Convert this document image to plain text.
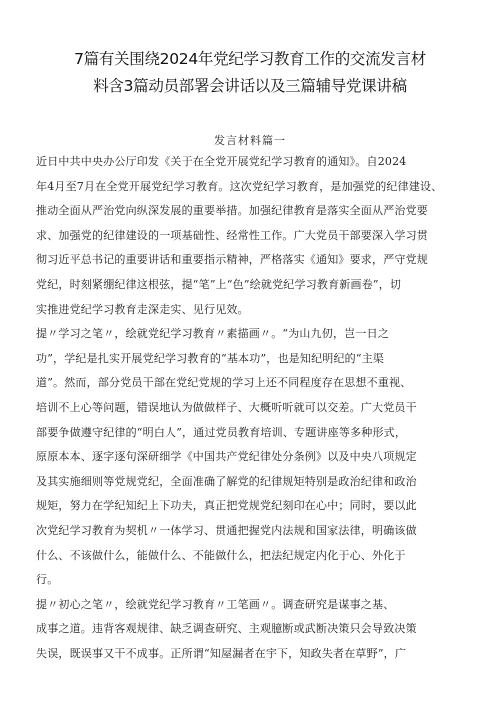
7篇有关围绕2024年党纪学习教育工作的交流发言材
料含3篇动员部署会讲话以及三篇辅导党课讲稿
发言材料篇一
近日中共中央办公厅印发《关于在全党开展党纪学习教育的通知》。自2024
年4月至7月在全党开展党纪学习教育。这次党纪学习教育，是加强党的纪律建设、
推动全面从严治党向纵深发展的重要举措。加强纪律教育是落实全面从严治党要
求、加强党的纪律建设的一项基础性、经常性工作。广大党员干部要深入学习贯
彻习近平总书记的重要讲话和重要指示精神，严格落实《通知》要求，严守党规
党纪，时刻紧绷纪律这根弦，提“笔”上“色”绘就党纪学习教育新画卷”，切
实推进党纪学习教育走深走实、见行见效。
提〃学习之笔〃，绘就党纪学习教育〃素描画〃。“为山九仞，岂一日之
功”，学纪是扎实开展党纪学习教育的“基本功”，也是知纪明纪的“主渠
道”。然而，部分党员干部在党纪党规的学习上还不同程度存在思想不重视、
培训不上心等问题，错误地认为做做样子、大概听听就可以交差。广大党员干
部要争做遵守纪律的“明白人”，通过党员教育培训、专题讲座等多种形式，
原原本本、逐字逐句深研细学《中国共产党纪律处分条例》以及中央八项规定
及其实施细则等党规党纪，全面准确了解党的纪律规矩特别是政治纪律和政治
规矩，努力在学纪知纪上下功夫，真正把党规党纪刻印在心中；同时，要以此
次党纪学习教育为契机〃一体学习、贯通把握党内法规和国家法律，明确该做
什么、不该做什么，能做什么、不能做什么，把法纪规定内化于心、外化于
行。
提〃初心之笔〃，绘就党纪学习教育〃工笔画〃。调查研究是谋事之基、
成事之道。违背客观规律、缺乏调查研究、主观臆断或武断决策只会导致决策
失误，既误事又干不成事。正所谓“知屋漏者在宇下，知政失者在草野”，广
